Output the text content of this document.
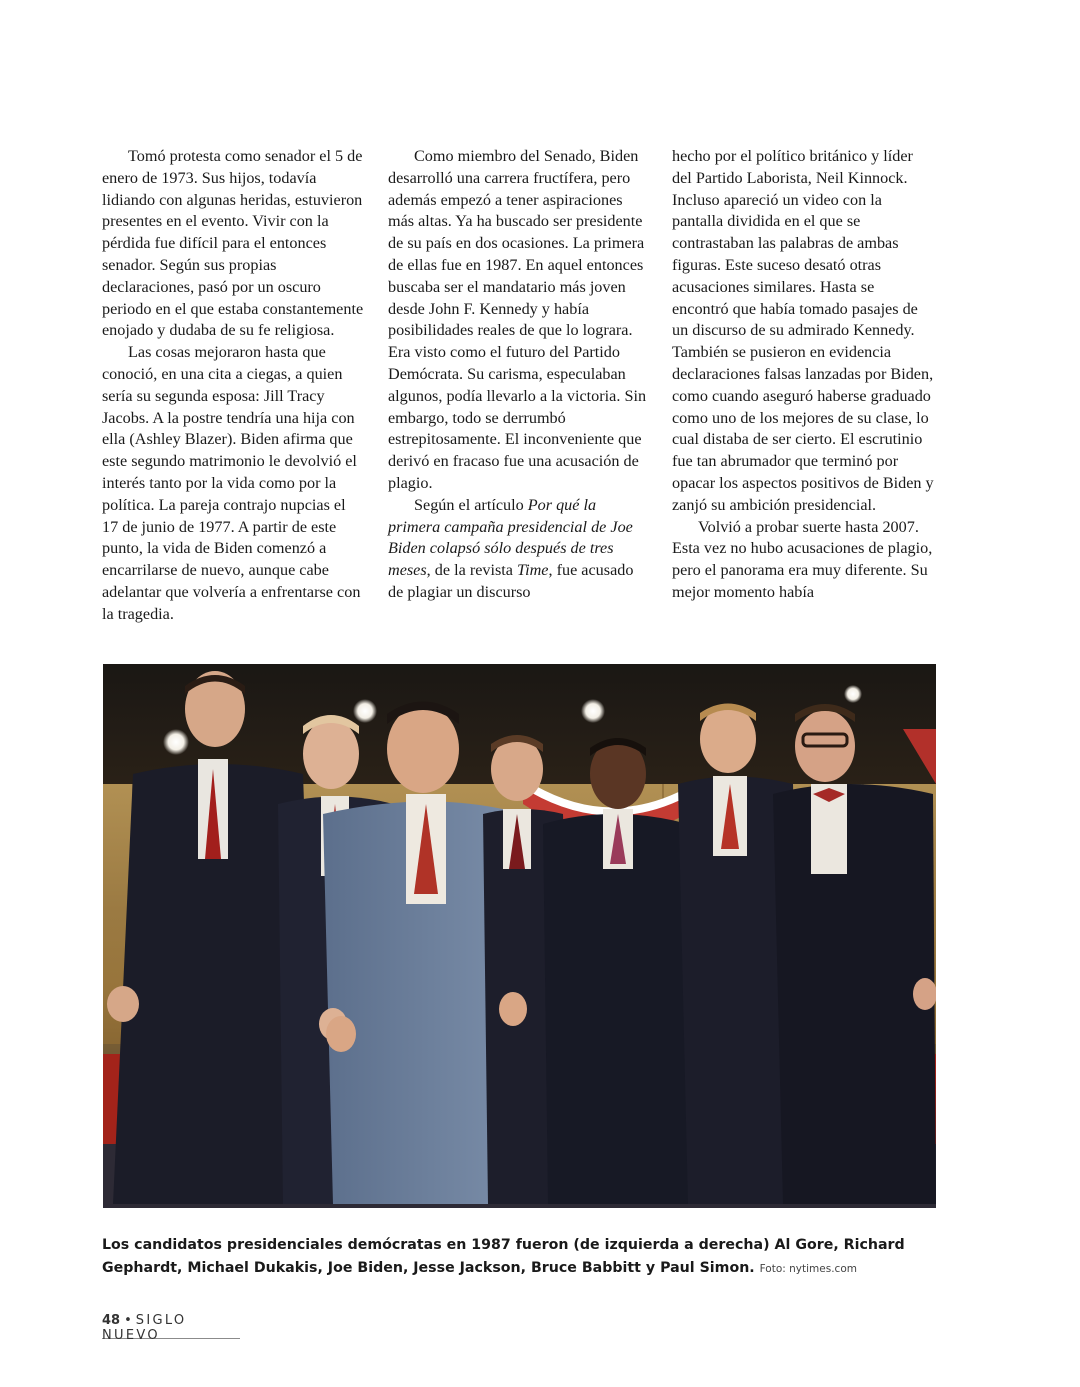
Tomó protesta como senador el 5 de enero de 1973. Sus hijos, todavía lidiando con algunas heridas, estuvieron presentes en el evento. Vivir con la pérdida fue difícil para el entonces senador. Según sus propias declaraciones, pasó por un oscuro periodo en el que estaba constantemente enojado y dudaba de su fe religiosa.

Las cosas mejoraron hasta que conoció, en una cita a ciegas, a quien sería su segunda esposa: Jill Tracy Jacobs. A la postre tendría una hija con ella (Ashley Blazer). Biden afirma que este segundo matrimonio le devolvió el interés tanto por la vida como por la política. La pareja contrajo nupcias el 17 de junio de 1977. A partir de este punto, la vida de Biden comenzó a encarrilarse de nuevo, aunque cabe adelantar que volvería a enfrentarse con la tragedia.

Como miembro del Senado, Biden desarrolló una carrera fructífera, pero además empezó a tener aspiraciones más altas. Ya ha buscado ser presidente de su país en dos ocasiones. La primera de ellas fue en 1987. En aquel entonces buscaba ser el mandatario más joven desde John F. Kennedy y había posibilidades reales de que lo lograra. Era visto como el futuro del Partido Demócrata. Su carisma, especulaban algunos, podía llevarlo a la victoria. Sin embargo, todo se derrumbó estrepitosamente. El inconveniente que derivó en fracaso fue una acusación de plagio.

Según el artículo Por qué la primera campaña presidencial de Joe Biden colapsó sólo después de tres meses, de la revista Time, fue acusado de plagiar un discurso

hecho por el político británico y líder del Partido Laborista, Neil Kinnock. Incluso apareció un video con la pantalla dividida en el que se contrastaban las palabras de ambas figuras. Este suceso desató otras acusaciones similares. Hasta se encontró que había tomado pasajes de un discurso de su admirado Kennedy. También se pusieron en evidencia declaraciones falsas lanzadas por Biden, como cuando aseguró haberse graduado como uno de los mejores de su clase, lo cual distaba de ser cierto. El escrutinio fue tan abrumador que terminó por opacar los aspectos positivos de Biden y zanjó su ambición presidencial.

Volvió a probar suerte hasta 2007. Esta vez no hubo acusaciones de plagio, pero el panorama era muy diferente. Su mejor momento había

Los candidatos presidenciales demócratas en 1987 fueron (de izquierda a derecha) Al Gore, Richard Gephardt, Michael Dukakis, Joe Biden, Jesse Jackson, Bruce Babbitt y Paul Simon. Foto: nytimes.com
48 • SIGLO NUEVO
